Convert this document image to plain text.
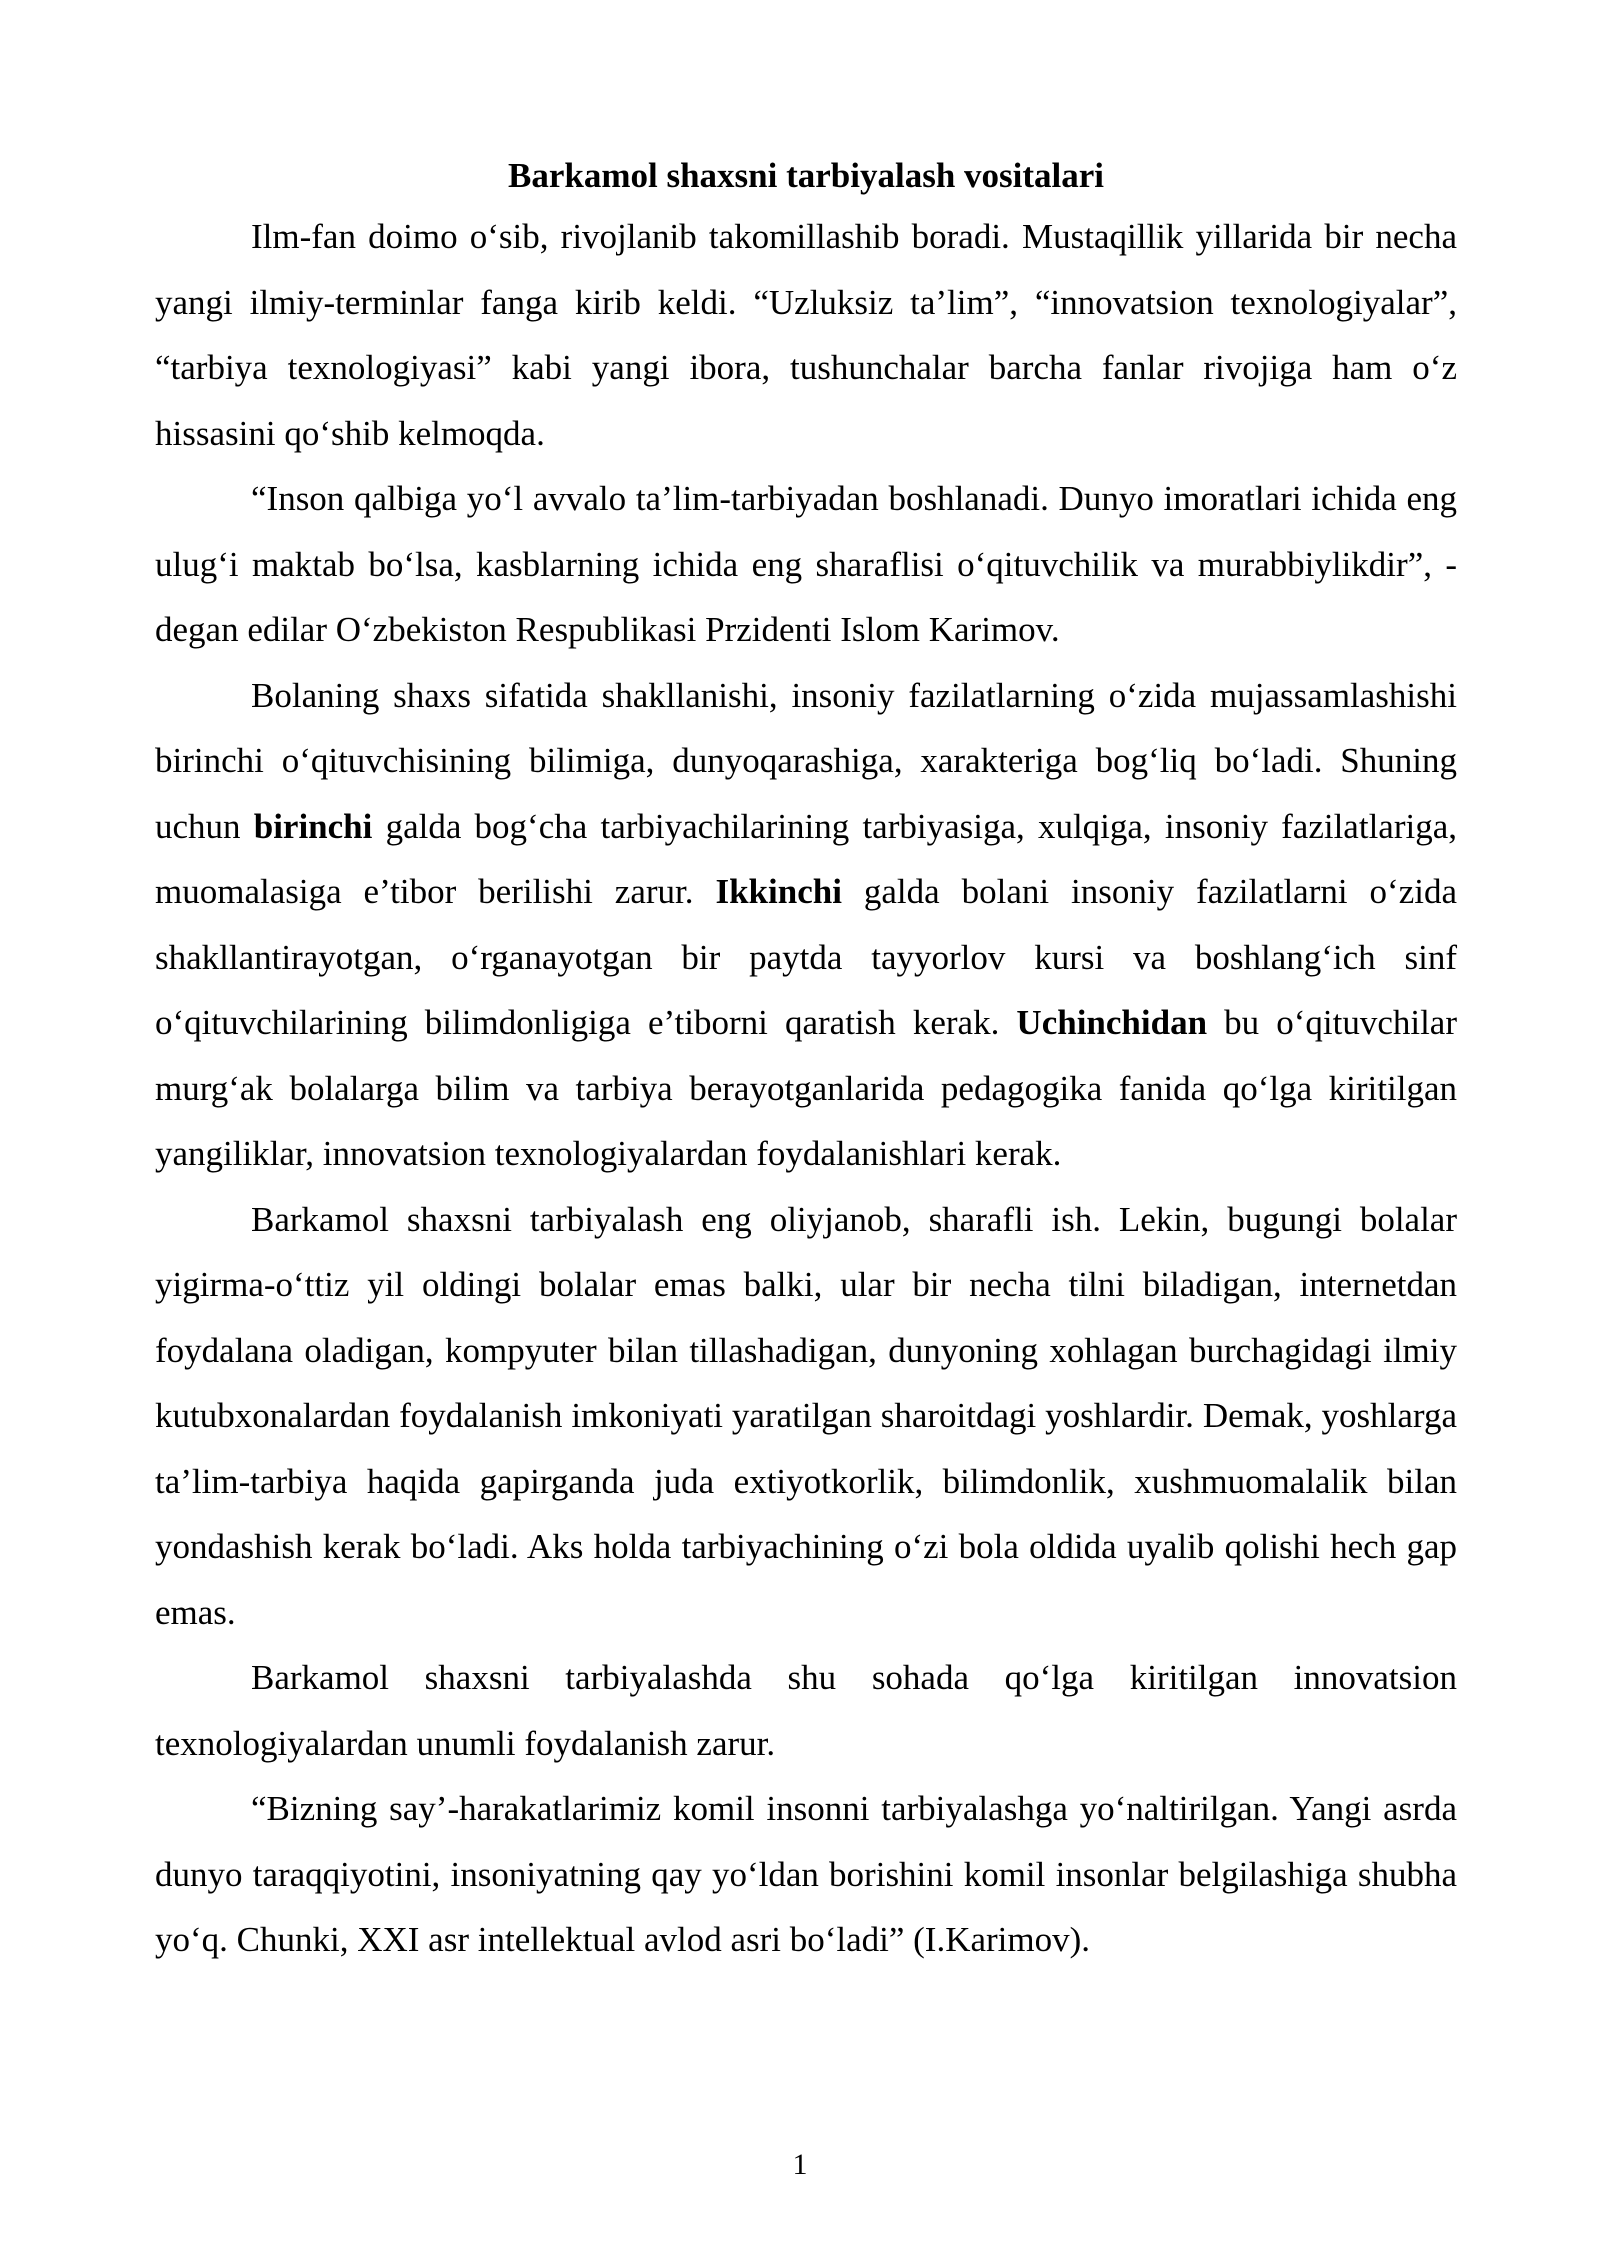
Barkamol shaxsni tarbiyalash vositalari

Ilm-fan doimo o‘sib, rivojlanib takomillashib boradi. Mustaqillik yillarida bir necha yangi ilmiy-terminlar fanga kirib keldi. “Uzluksiz ta’lim”, “innovatsion texnologiyalar”, “tarbiya texnologiyasi” kabi yangi ibora, tushunchalar barcha fanlar rivojiga ham o‘z hissasini qo‘shib kelmoqda.

“Inson qalbiga yo‘l avvalo ta’lim-tarbiyadan boshlanadi. Dunyo imoratlari ichida eng ulug‘i maktab bo‘lsa, kasblarning ichida eng sharaflisi o‘qituvchilik va murabbiylikdir”, - degan edilar O‘zbekiston Respublikasi Przidenti Islom Karimov.

Bolaning shaxs sifatida shakllanishi, insoniy fazilatlarning o‘zida mujassamlashishi birinchi o‘qituvchisining bilimiga, dunyoqarashiga, xarakteriga bog‘liq bo‘ladi. Shuning uchun birinchi galda bog‘cha tarbiyachilarining tarbiyasiga, xulqiga, insoniy fazilatlariga, muomalasiga e’tibor berilishi zarur. Ikkinchi galda bolani insoniy fazilatlarni o‘zida shakllantirayotgan, o‘rganayotgan bir paytda tayyorlov kursi va boshlang‘ich sinf o‘qituvchilarining bilimdonligiga e’tiborni qaratish kerak. Uchinchidan bu o‘qituvchilar murg‘ak bolalarga bilim va tarbiya berayotganlarida pedagogika fanida qo‘lga kiritilgan yangiliklar, innovatsion texnologiyalardan foydalanishlari kerak.

Barkamol shaxsni tarbiyalash eng oliyjanob, sharafli ish. Lekin, bugungi bolalar yigirma-o‘ttiz yil oldingi bolalar emas balki, ular bir necha tilni biladigan, internetdan foydalana oladigan, kompyuter bilan tillashadigan, dunyoning xohlagan burchagidagi ilmiy kutubxonalardan foydalanish imkoniyati yaratilgan sharoitdagi yoshlardir. Demak, yoshlarga ta’lim-tarbiya haqida gapirganda juda extiyotkorlik, bilimdonlik, xushmuomalalik bilan yondashish kerak bo‘ladi. Aks holda tarbiyachining o‘zi bola oldida uyalib qolishi hech gap emas.

Barkamol shaxsni tarbiyalashda shu sohada qo‘lga kiritilgan innovatsion texnologiyalardan unumli foydalanish zarur.

“Bizning say’-harakatlarimiz komil insonni tarbiyalashga yo‘naltirilgan. Yangi asrda dunyo taraqqiyotini, insoniyatning qay yo‘ldan borishini komil insonlar belgilashiga shubha yo‘q. Chunki, XXI asr intellektual avlod asri bo‘ladi” (I.Karimov).

1
